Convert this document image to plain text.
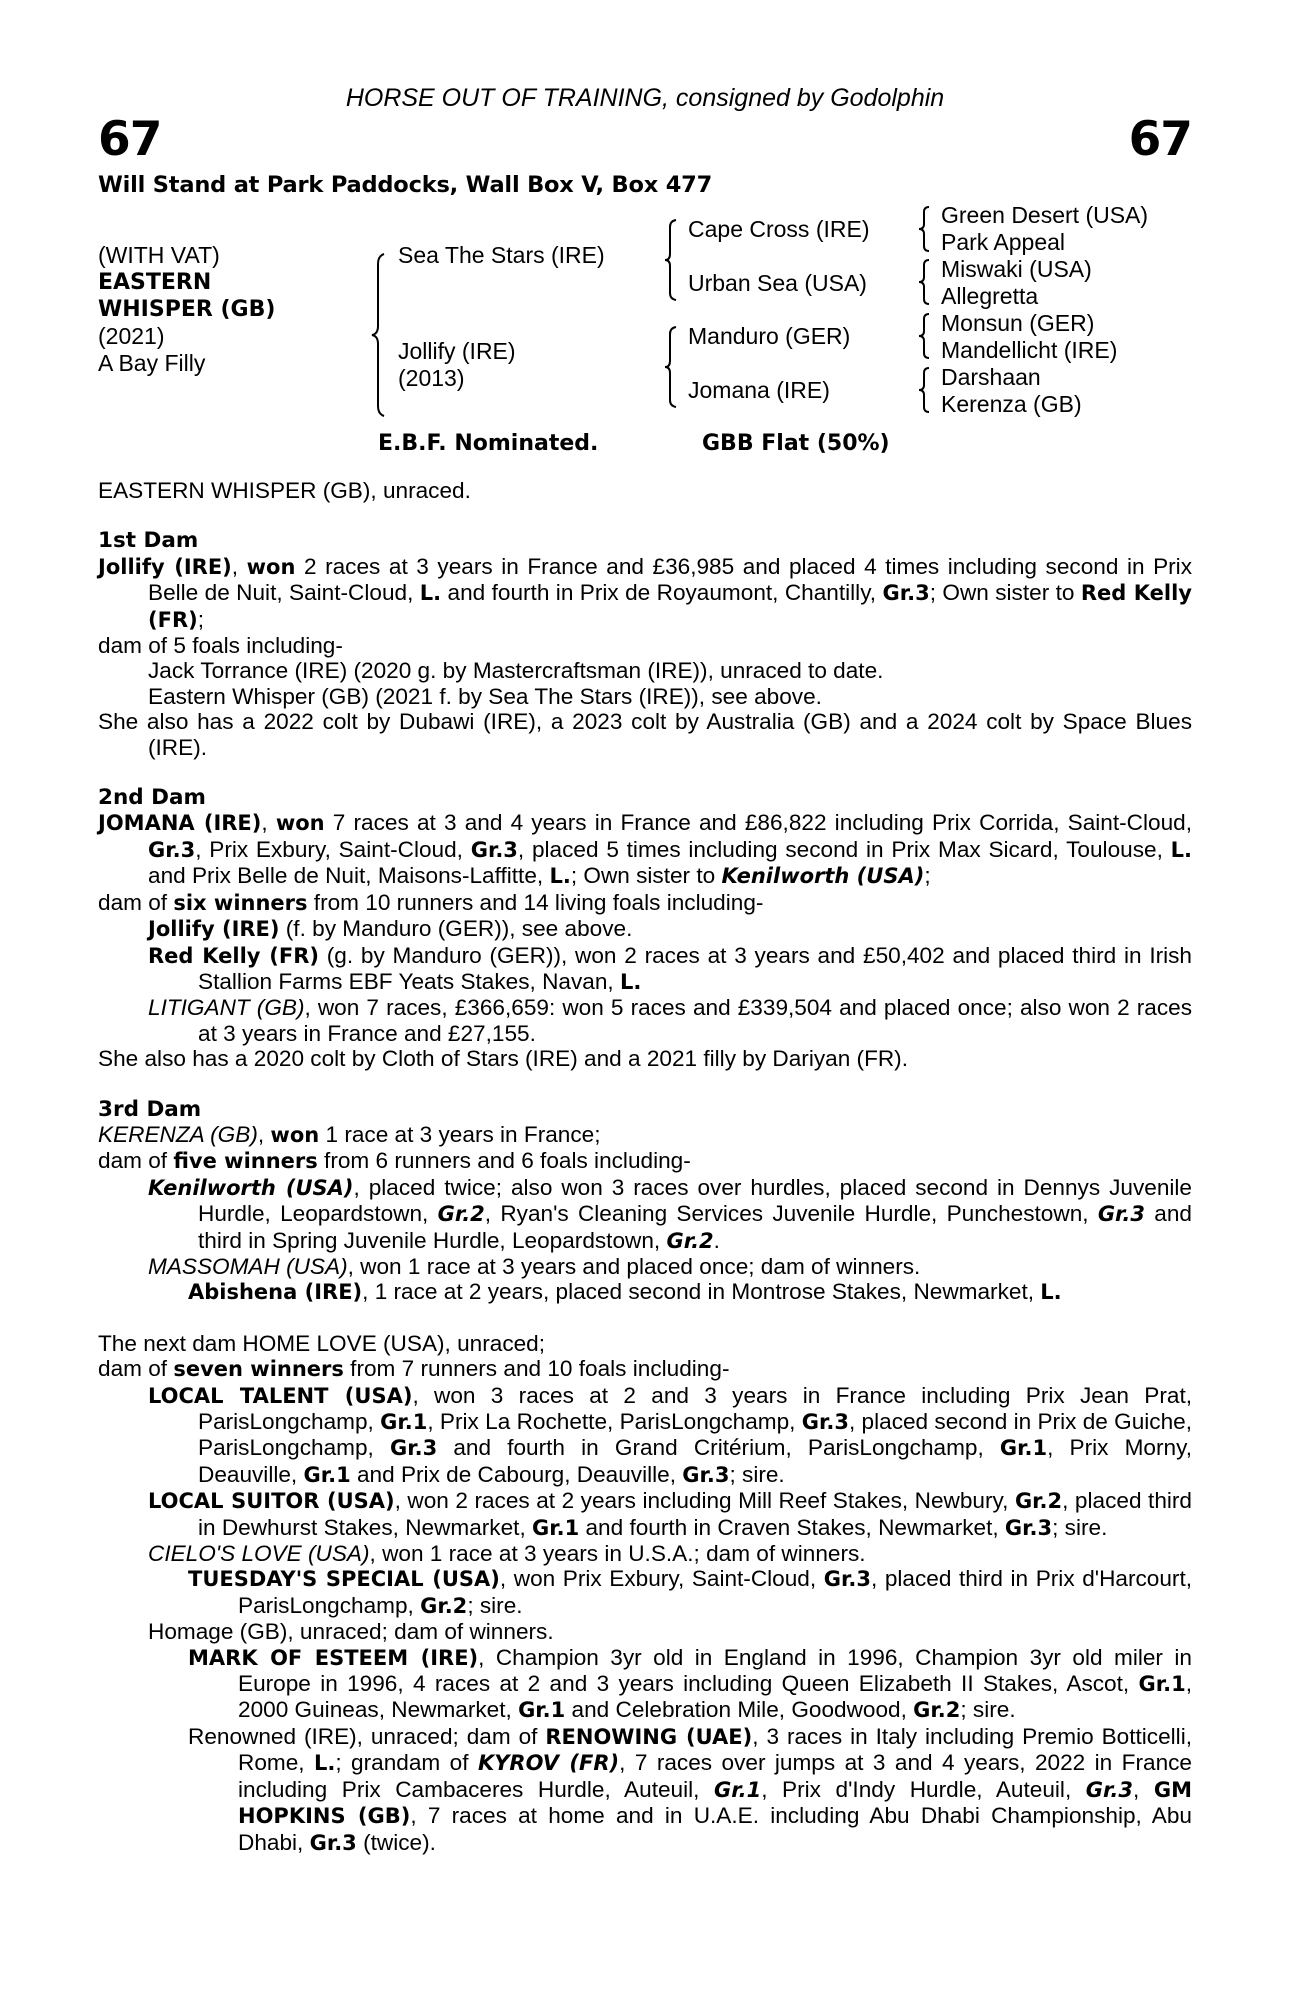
HORSE OUT OF TRAINING, consigned by Godolphin
67	67
Will Stand at Park Paddocks, Wall Box V, Box 477
(WITH VAT)
EASTERN
WHISPER (GB)
(2021)
A Bay Filly
Sea The Stars (IRE)
Jollify (IRE)
(2013)
Cape Cross (IRE)
Urban Sea (USA)
Manduro (GER)
Jomana (IRE)
Green Desert (USA)
Park Appeal
Miswaki (USA)
Allegretta
Monsun (GER)
Mandellicht (IRE)
Darshaan
Kerenza (GB)
E.B.F. Nominated.	GBB Flat (50%)
EASTERN WHISPER (GB), unraced.
1st Dam
Jollify (IRE), won 2 races at 3 years in France and £36,985 and placed 4 times including second in Prix Belle de Nuit, Saint-Cloud, L. and fourth in Prix de Royaumont, Chantilly, Gr.3; Own sister to Red Kelly (FR);
dam of 5 foals including-
Jack Torrance (IRE) (2020 g. by Mastercraftsman (IRE)), unraced to date.
Eastern Whisper (GB) (2021 f. by Sea The Stars (IRE)), see above.
She also has a 2022 colt by Dubawi (IRE), a 2023 colt by Australia (GB) and a 2024 colt by Space Blues (IRE).
2nd Dam
JOMANA (IRE), won 7 races at 3 and 4 years in France and £86,822 including Prix Corrida, Saint-Cloud, Gr.3, Prix Exbury, Saint-Cloud, Gr.3, placed 5 times including second in Prix Max Sicard, Toulouse, L. and Prix Belle de Nuit, Maisons-Laffitte, L.; Own sister to Kenilworth (USA);
dam of six winners from 10 runners and 14 living foals including-
Jollify (IRE) (f. by Manduro (GER)), see above.
Red Kelly (FR) (g. by Manduro (GER)), won 2 races at 3 years and £50,402 and placed third in Irish Stallion Farms EBF Yeats Stakes, Navan, L.
LITIGANT (GB), won 7 races, £366,659: won 5 races and £339,504 and placed once; also won 2 races at 3 years in France and £27,155.
She also has a 2020 colt by Cloth of Stars (IRE) and a 2021 filly by Dariyan (FR).
3rd Dam
KERENZA (GB), won 1 race at 3 years in France;
dam of five winners from 6 runners and 6 foals including-
Kenilworth (USA), placed twice; also won 3 races over hurdles, placed second in Dennys Juvenile Hurdle, Leopardstown, Gr.2, Ryan's Cleaning Services Juvenile Hurdle, Punchestown, Gr.3 and third in Spring Juvenile Hurdle, Leopardstown, Gr.2.
MASSOMAH (USA), won 1 race at 3 years and placed once; dam of winners.
Abishena (IRE), 1 race at 2 years, placed second in Montrose Stakes, Newmarket, L.
The next dam HOME LOVE (USA), unraced;
dam of seven winners from 7 runners and 10 foals including-
LOCAL TALENT (USA), won 3 races at 2 and 3 years in France including Prix Jean Prat, ParisLongchamp, Gr.1, Prix La Rochette, ParisLongchamp, Gr.3, placed second in Prix de Guiche, ParisLongchamp, Gr.3 and fourth in Grand Critérium, ParisLongchamp, Gr.1, Prix Morny, Deauville, Gr.1 and Prix de Cabourg, Deauville, Gr.3; sire.
LOCAL SUITOR (USA), won 2 races at 2 years including Mill Reef Stakes, Newbury, Gr.2, placed third in Dewhurst Stakes, Newmarket, Gr.1 and fourth in Craven Stakes, Newmarket, Gr.3; sire.
CIELO'S LOVE (USA), won 1 race at 3 years in U.S.A.; dam of winners.
TUESDAY'S SPECIAL (USA), won Prix Exbury, Saint-Cloud, Gr.3, placed third in Prix d'Harcourt, ParisLongchamp, Gr.2; sire.
Homage (GB), unraced; dam of winners.
MARK OF ESTEEM (IRE), Champion 3yr old in England in 1996, Champion 3yr old miler in Europe in 1996, 4 races at 2 and 3 years including Queen Elizabeth II Stakes, Ascot, Gr.1, 2000 Guineas, Newmarket, Gr.1 and Celebration Mile, Goodwood, Gr.2; sire.
Renowned (IRE), unraced; dam of RENOWING (UAE), 3 races in Italy including Premio Botticelli, Rome, L.; grandam of KYROV (FR), 7 races over jumps at 3 and 4 years, 2022 in France including Prix Cambaceres Hurdle, Auteuil, Gr.1, Prix d'Indy Hurdle, Auteuil, Gr.3, GM HOPKINS (GB), 7 races at home and in U.A.E. including Abu Dhabi Championship, Abu Dhabi, Gr.3 (twice).
